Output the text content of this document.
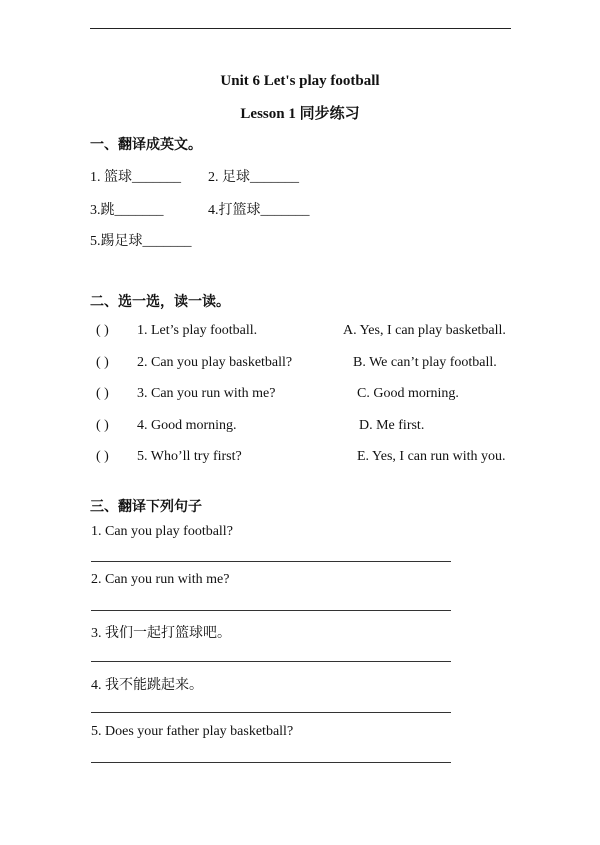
Unit 6 Let's play football
Lesson 1 同步练习
一、翻译成英文。
1. 篮球_______ 2. 足球_______
3.跳_______	4.打篮球_______
5.踢足球_______
二、选一选，读一读。
( ) 1. Let’s play football.	A. Yes, I can play basketball.
( ) 2. Can you play basketball?	B. We can’t play football.
( ) 3. Can you run with me?	C. Good morning.
( ) 4. Good morning.	D. Me first.
( ) 5. Who’ll try first?	E. Yes, I can run with you.
三、翻译下列句子
1. Can you play football?
2. Can you run with me?
3. 我们一起打篮球吧。
4. 我不能跳起来。
5. Does your father play basketball?
